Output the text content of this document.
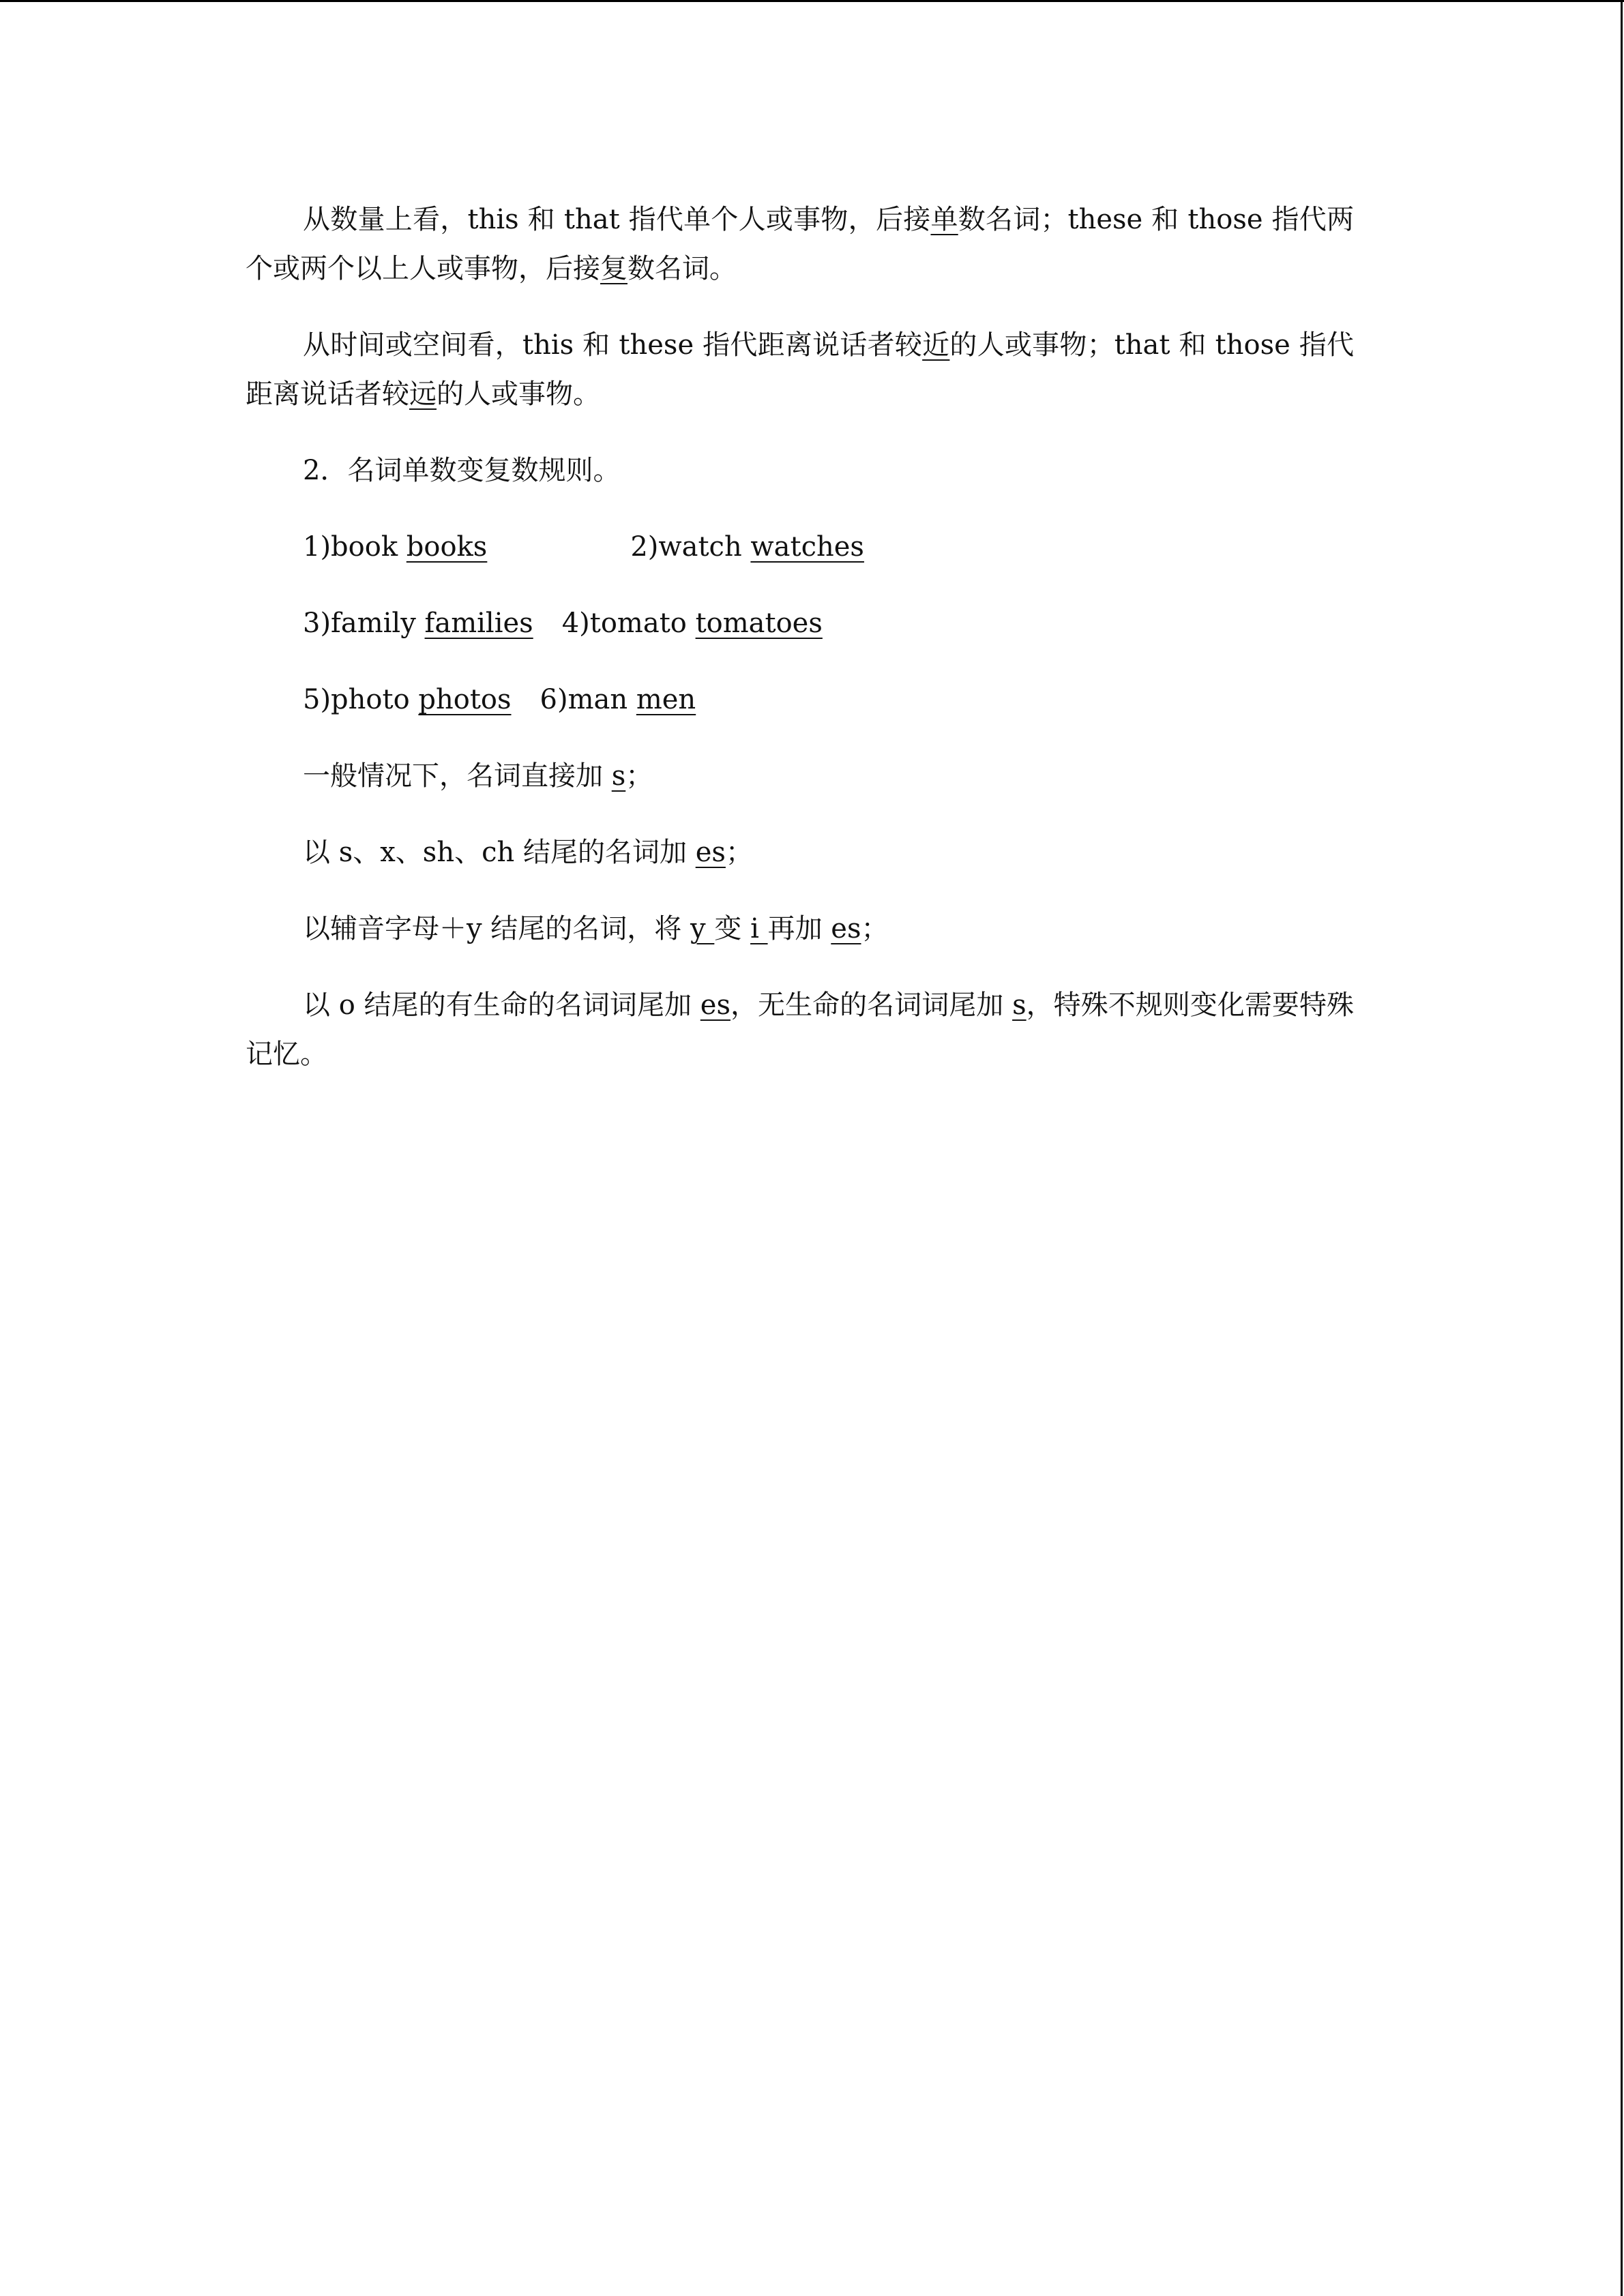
从数量上看，this 和 that 指代单个人或事物，后接单数名词；these 和 those 指代两个或两个以上人或事物，后接复数名词。

从时间或空间看，this 和 these 指代距离说话者较近的人或事物；that 和 those 指代距离说话者较远的人或事物。

2．名词单数变复数规则。

1)book books	2)watch watches

3)family families 4)tomato tomatoes

5)photo photos 6)man men

一般情况下，名词直接加 s；

以 s、x、sh、ch 结尾的名词加 es；

以辅音字母＋y 结尾的名词，将 y 变 i 再加 es；

以 o 结尾的有生命的名词词尾加 es，无生命的名词词尾加 s，特殊不规则变化需要特殊记忆。
